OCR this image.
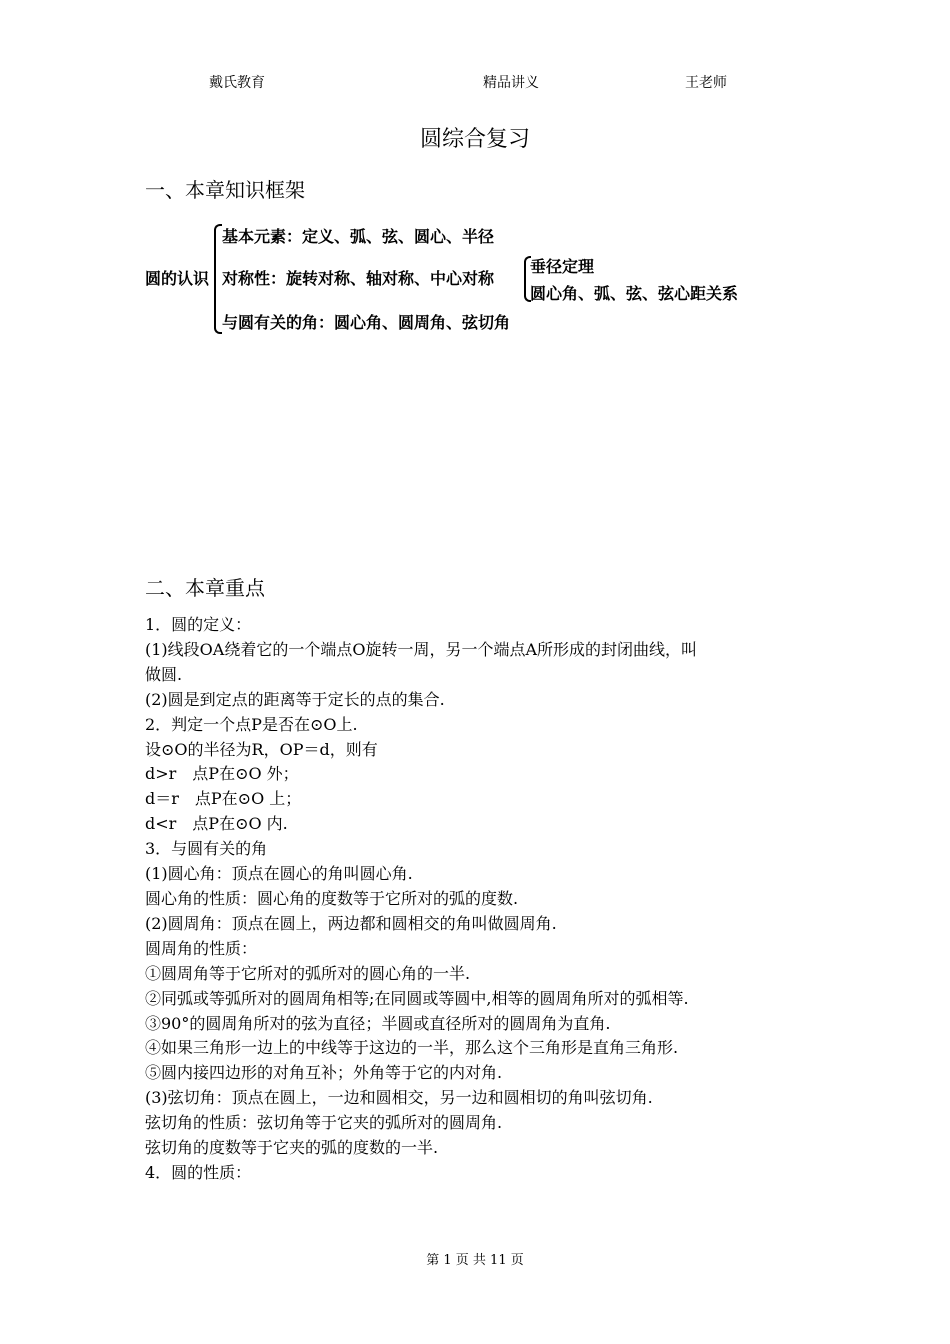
戴氏教育	精品讲义	王老师
圆综合复习
一、本章知识框架
圆的认识
基本元素：定义、弧、弦、圆心、半径
对称性：旋转对称、轴对称、中心对称
垂径定理
圆心角、弧、弦、弦心距关系
与圆有关的角：圆心角、圆周角、弦切角
二、本章重点
1．圆的定义：
(1)线段OA绕着它的一个端点O旋转一周，另一个端点A所形成的封闭曲线，叫
做圆.
(2)圆是到定点的距离等于定长的点的集合.
2．判定一个点P是否在⊙O上.
设⊙O的半径为R，OP＝d，则有
d>r　点P在⊙O 外；
d＝r　点P在⊙O 上；
d<r　点P在⊙O 内.
3．与圆有关的角
(1)圆心角：顶点在圆心的角叫圆心角.
圆心角的性质：圆心角的度数等于它所对的弧的度数.
(2)圆周角：顶点在圆上，两边都和圆相交的角叫做圆周角.
圆周角的性质：
①圆周角等于它所对的弧所对的圆心角的一半.
②同弧或等弧所对的圆周角相等;在同圆或等圆中,相等的圆周角所对的弧相等.
③90°的圆周角所对的弦为直径；半圆或直径所对的圆周角为直角.
④如果三角形一边上的中线等于这边的一半，那么这个三角形是直角三角形.
⑤圆内接四边形的对角互补；外角等于它的内对角.
(3)弦切角：顶点在圆上，一边和圆相交，另一边和圆相切的角叫弦切角.
弦切角的性质：弦切角等于它夹的弧所对的圆周角.
弦切角的度数等于它夹的弧的度数的一半.
4．圆的性质：
第 1 页 共 11 页
